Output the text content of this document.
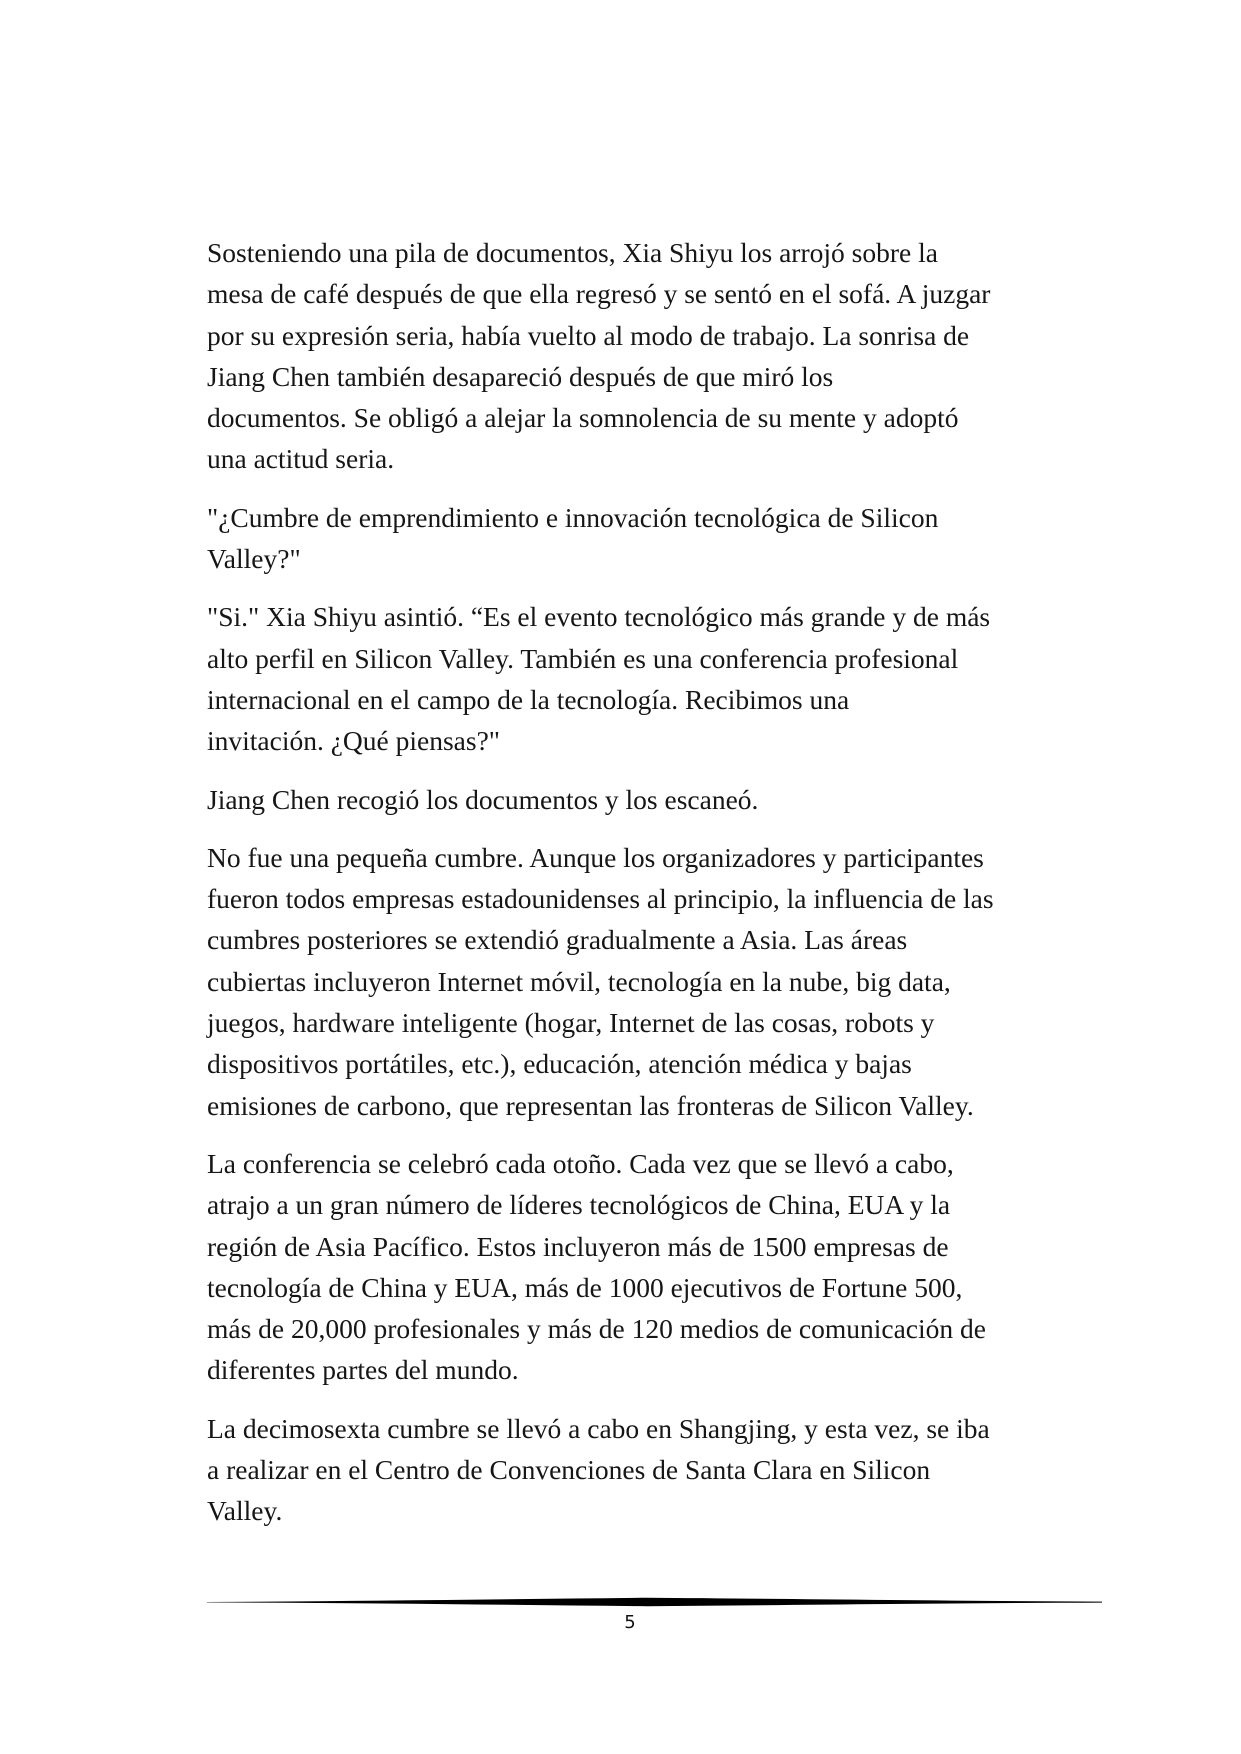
Sosteniendo una pila de documentos, Xia Shiyu los arrojó sobre la
mesa de café después de que ella regresó y se sentó en el sofá. A juzgar
por su expresión seria, había vuelto al modo de trabajo. La sonrisa de
Jiang Chen también desapareció después de que miró los
documentos. Se obligó a alejar la somnolencia de su mente y adoptó
una actitud seria.

"¿Cumbre de emprendimiento e innovación tecnológica de Silicon
Valley?"

"Si." Xia Shiyu asintió. “Es el evento tecnológico más grande y de más
alto perfil en Silicon Valley. También es una conferencia profesional
internacional en el campo de la tecnología. Recibimos una
invitación. ¿Qué piensas?"

Jiang Chen recogió los documentos y los escaneó.

No fue una pequeña cumbre. Aunque los organizadores y participantes
fueron todos empresas estadounidenses al principio, la influencia de las
cumbres posteriores se extendió gradualmente a Asia. Las áreas
cubiertas incluyeron Internet móvil, tecnología en la nube, big data,
juegos, hardware inteligente (hogar, Internet de las cosas, robots y
dispositivos portátiles, etc.), educación, atención médica y bajas
emisiones de carbono, que representan las fronteras de Silicon Valley.

La conferencia se celebró cada otoño. Cada vez que se llevó a cabo,
atrajo a un gran número de líderes tecnológicos de China, EUA y la
región de Asia Pacífico. Estos incluyeron más de 1500 empresas de
tecnología de China y EUA, más de 1000 ejecutivos de Fortune 500,
más de 20,000 profesionales y más de 120 medios de comunicación de
diferentes partes del mundo.

La decimosexta cumbre se llevó a cabo en Shangjing, y esta vez, se iba
a realizar en el Centro de Convenciones de Santa Clara en Silicon
Valley.

5
